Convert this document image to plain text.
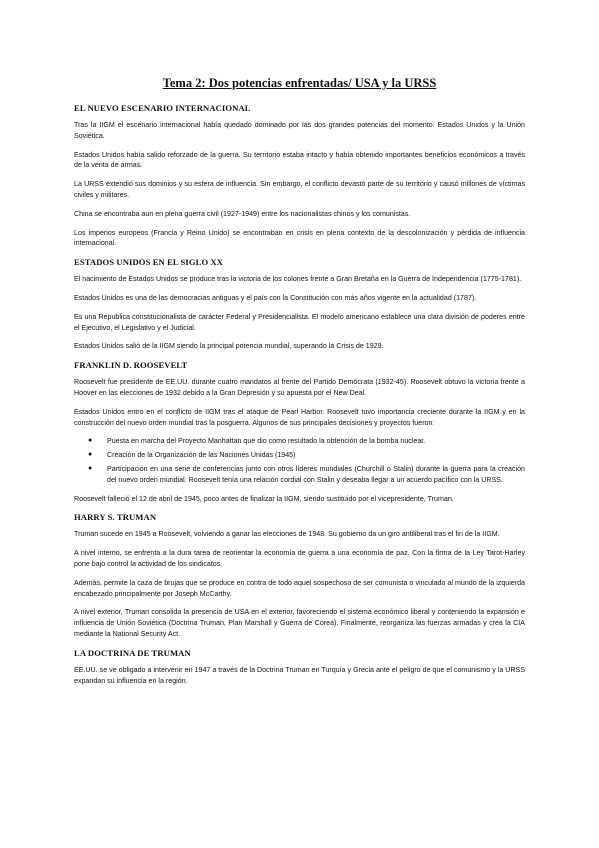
Tema 2: Dos potencias enfrentadas/ USA y la URSS
EL NUEVO ESCENARIO INTERNACIONAL
Tras la IIGM el escenario internacional había quedado dominado por las dos grandes potencias del momento: Estados Unidos y la Unión Soviética.
Estados Unidos había salido reforzado de la guerra. Su territorio estaba intacto y había obtenido importantes beneficios económicos a través de la venta de armas.
La URSS extendió sus dominios y su esfera de influencia. Sin embargo, el conflicto devastó parte de su territorio y causó millones de víctimas civiles y militares.
China se encontraba aun en plena guerra civil (1927-1949) entre los nacionalistas chinos y los comunistas.
Los imperios europeos (Francia y Reino Unido) se encontraban en crisis en plena contexto de la descolonización y pérdida de influencia internacional.
ESTADOS UNIDOS EN EL SIGLO XX
El nacimiento de Estados Unidos se produce tras la victoria de los colones frente a Gran Bretaña en la Guerra de Independencia (1775-1781).
Estados Unidos es una de las democracias antiguas y el país con la Constitución con más años vigente en la actualidad (1787).
Es una Republica constitucionalista de carácter Federal y Presidencialista. El modelo americano establece una clara división de poderes entre el Ejecutivo, el Legislativo y el Judicial.
Estados Unidos salió de la IIGM siendo la principal potencia mundial, superando la Crisis de 1929.
FRANKLIN D. ROOSEVELT
Roosevelt fue presidente de EE.UU. durante cuatro mandatos al frente del Partido Demócrata (1932-45). Roosevelt obtuvo la victoria frente a Hoover en las elecciones de 1932 debido a la Gran Depresión y su apuesta por el New Deal.
Estados Unidos entro en el conflicto de IIGM tras el ataque de Pearl Harbor. Roosevelt tuvo importancia creciente durante la IIGM y en la construcción del nuevo orden mundial tras la posguerra. Algunos de sus principales decisiones y proyectos fueron:
● Puesta en marcha del Proyecto Manhattan que dio como resultado la obtención de la bomba nuclear.
● Creación de la Organización de las Naciones Unidas (1945)
● Participación en una serie de conferencias junto con otros líderes mundiales (Churchill o Stalin) durante la guerra para la creación del nuevo orden mundial. Roosevelt tenía una relación cordial con Stalin y deseaba llegar a un acuerdo pacífico con la URSS.
Roosevelt falleció el 12 de abril de 1945, poco antes de finalizar la IIGM, siendo sustituido por el vicepresidente, Truman.
HARRY S. TRUMAN
Truman sucede en 1945 a Roosevelt, volviendo a ganar las elecciones de 1948. Su gobierno da un giro antiliberal tras el fin de la IIGM.
A nivel interno, se enfrenta a la dura tarea de reorientar la economía de guerra a una economía de paz. Con la firma de la Ley Tarot-Harley pone bajo control la actividad de los sindicatos.
Además, permite la caza de brujas que se produce en contra de todo aquel sospechoso de ser comunista o vinculado al mundo de la izquierda encabezado principalmente por Joseph McCarthy.
A nivel exterior, Truman consolida la presencia de USA en el exterior, favoreciendo el sistema económico liberal y conteniendo la expansión e influencia de Unión Soviética (Doctrina Truman, Plan Marshall y Guerra de Corea). Finalmente, reorganiza las fuerzas armadas y crea la CIA mediante la National Security Act.
LA DOCTRINA DE TRUMAN
EE.UU. se ve obligado a intervenir en 1947 a través de la Doctrina Truman en Turquía y Grecia ante el peligro de que el comunismo y la URSS expandan su influencia en la región.
